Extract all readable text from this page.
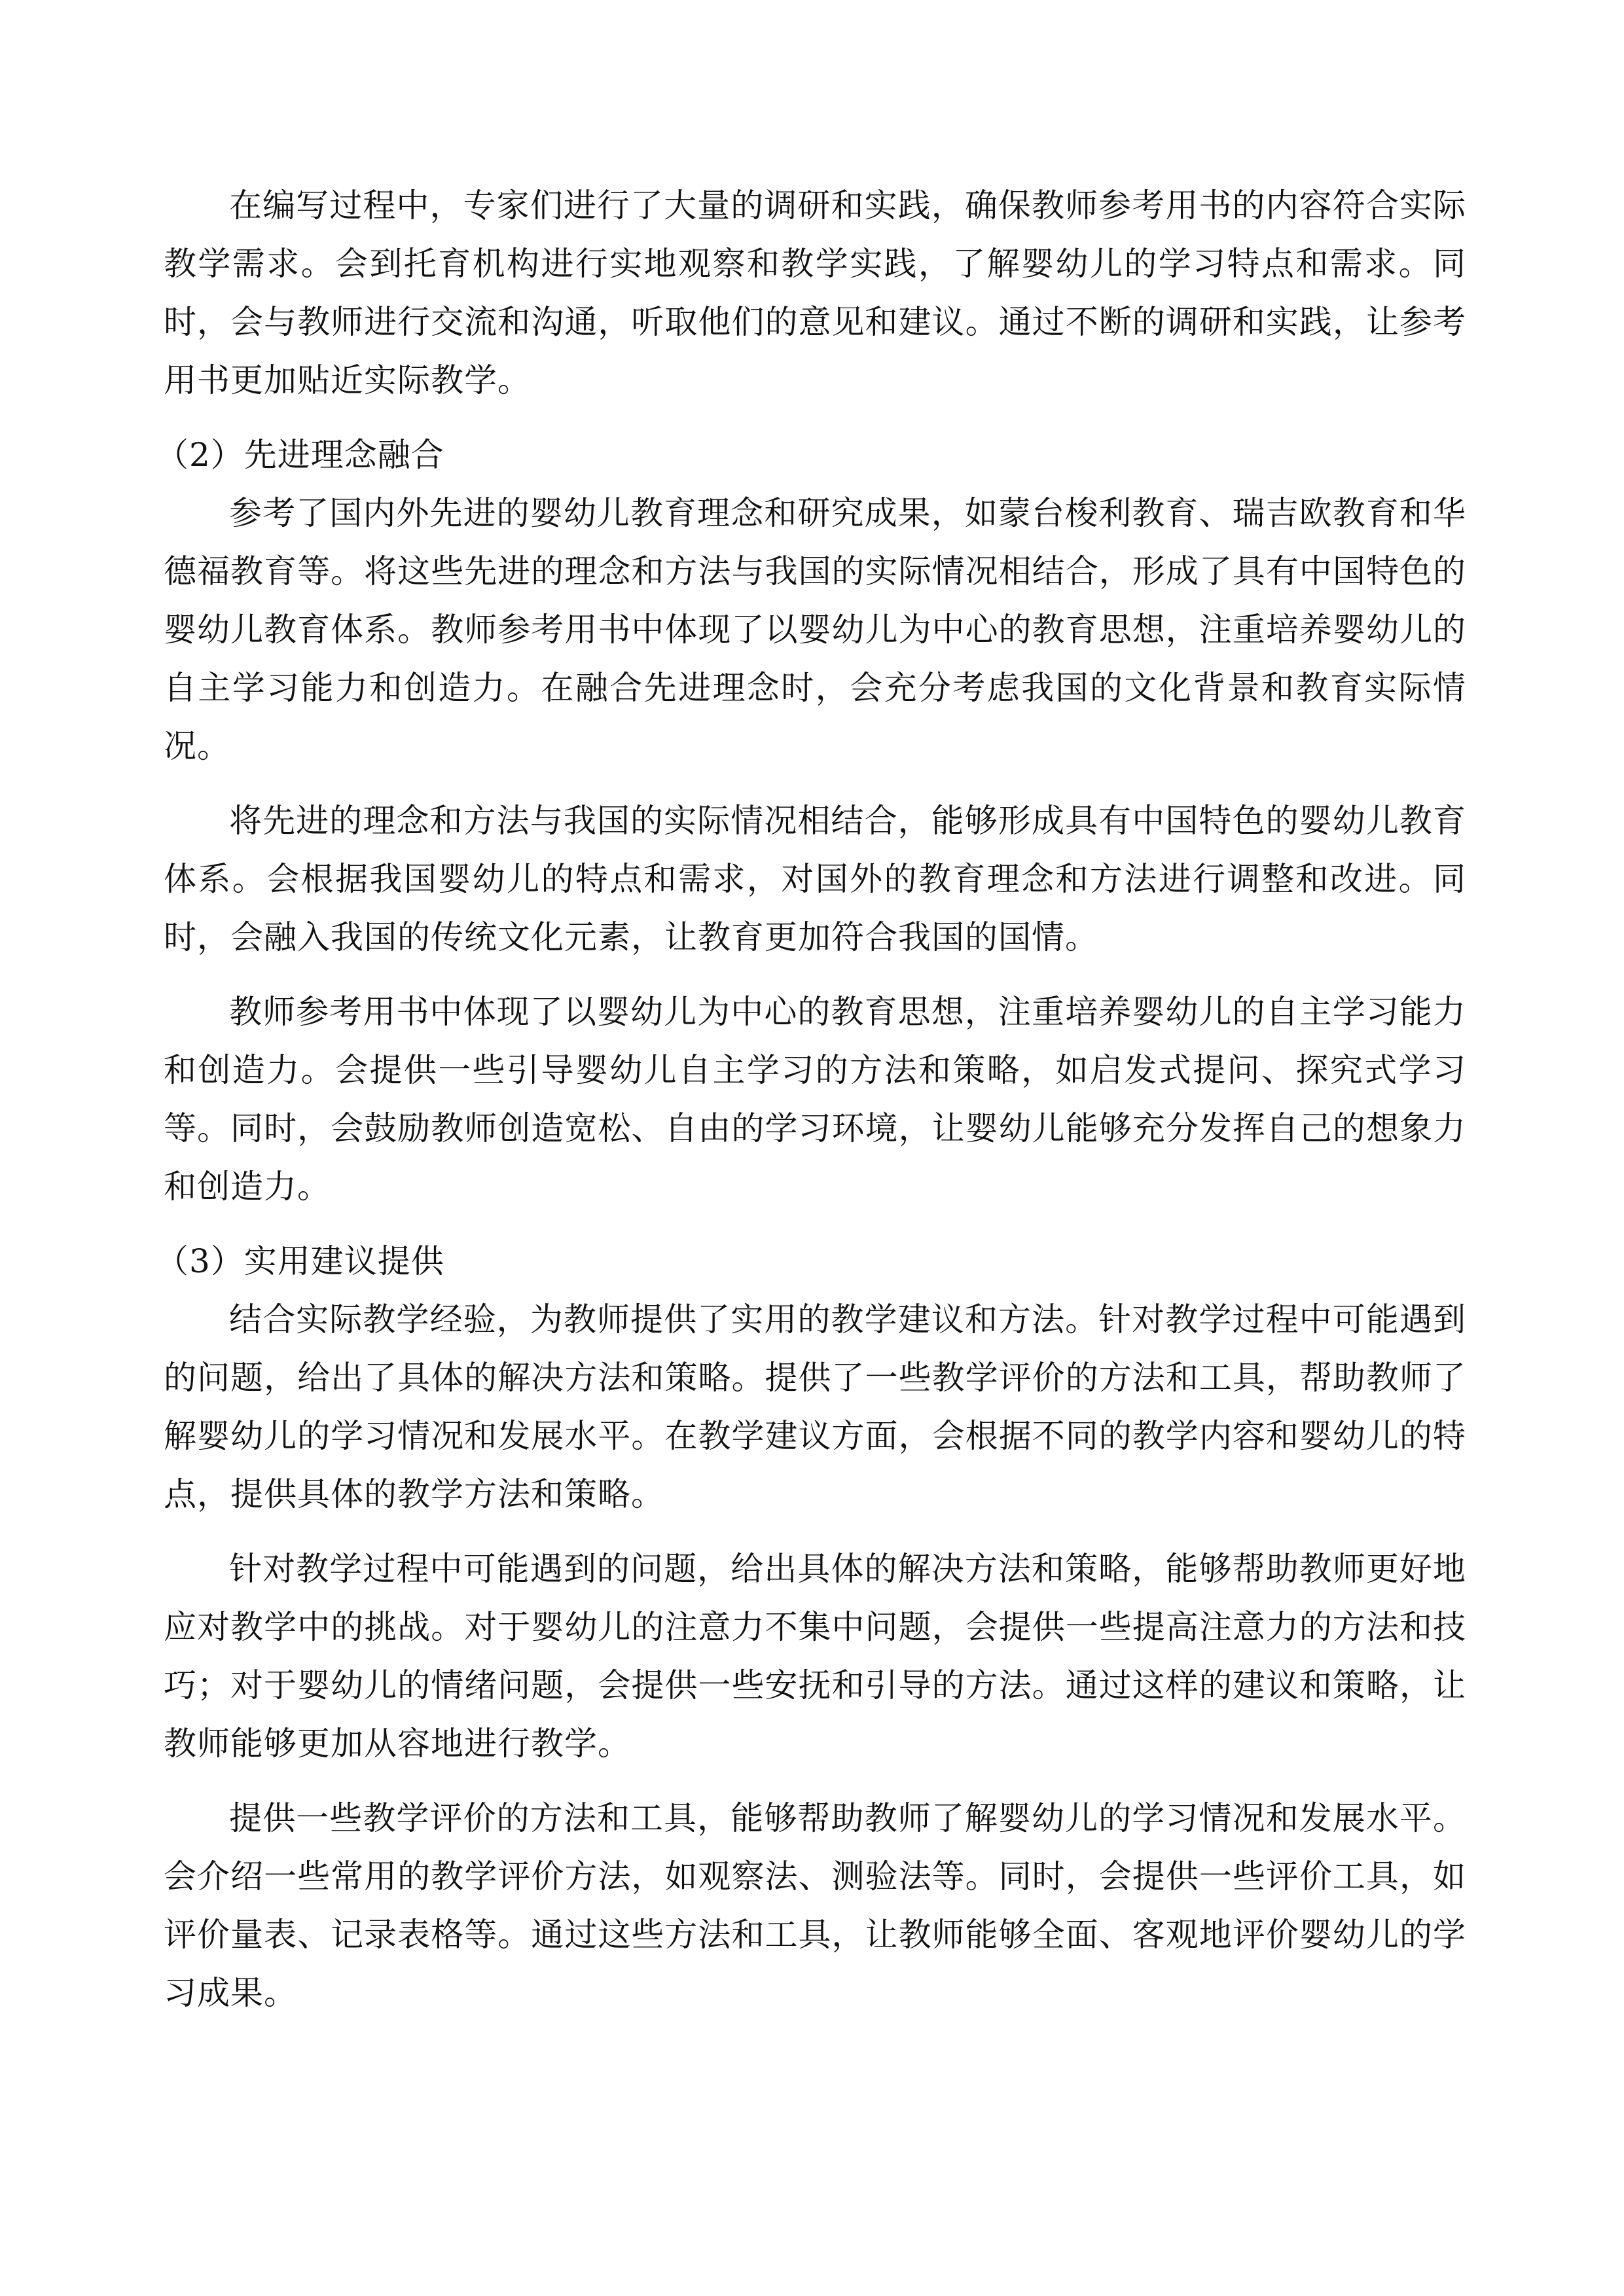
在编写过程中，专家们进行了大量的调研和实践，确保教师参考用书的内容符合实际教学需求。会到托育机构进行实地观察和教学实践，了解婴幼儿的学习特点和需求。同时，会与教师进行交流和沟通，听取他们的意见和建议。通过不断的调研和实践，让参考用书更加贴近实际教学。

（2）先进理念融合

参考了国内外先进的婴幼儿教育理念和研究成果，如蒙台梭利教育、瑞吉欧教育和华德福教育等。将这些先进的理念和方法与我国的实际情况相结合，形成了具有中国特色的婴幼儿教育体系。教师参考用书中体现了以婴幼儿为中心的教育思想，注重培养婴幼儿的自主学习能力和创造力。在融合先进理念时，会充分考虑我国的文化背景和教育实际情况。

将先进的理念和方法与我国的实际情况相结合，能够形成具有中国特色的婴幼儿教育体系。会根据我国婴幼儿的特点和需求，对国外的教育理念和方法进行调整和改进。同时，会融入我国的传统文化元素，让教育更加符合我国的国情。

教师参考用书中体现了以婴幼儿为中心的教育思想，注重培养婴幼儿的自主学习能力和创造力。会提供一些引导婴幼儿自主学习的方法和策略，如启发式提问、探究式学习等。同时，会鼓励教师创造宽松、自由的学习环境，让婴幼儿能够充分发挥自己的想象力和创造力。

（3）实用建议提供

结合实际教学经验，为教师提供了实用的教学建议和方法。针对教学过程中可能遇到的问题，给出了具体的解决方法和策略。提供了一些教学评价的方法和工具，帮助教师了解婴幼儿的学习情况和发展水平。在教学建议方面，会根据不同的教学内容和婴幼儿的特点，提供具体的教学方法和策略。

针对教学过程中可能遇到的问题，给出具体的解决方法和策略，能够帮助教师更好地应对教学中的挑战。对于婴幼儿的注意力不集中问题，会提供一些提高注意力的方法和技巧；对于婴幼儿的情绪问题，会提供一些安抚和引导的方法。通过这样的建议和策略，让教师能够更加从容地进行教学。

提供一些教学评价的方法和工具，能够帮助教师了解婴幼儿的学习情况和发展水平。会介绍一些常用的教学评价方法，如观察法、测验法等。同时，会提供一些评价工具，如评价量表、记录表格等。通过这些方法和工具，让教师能够全面、客观地评价婴幼儿的学习成果。
